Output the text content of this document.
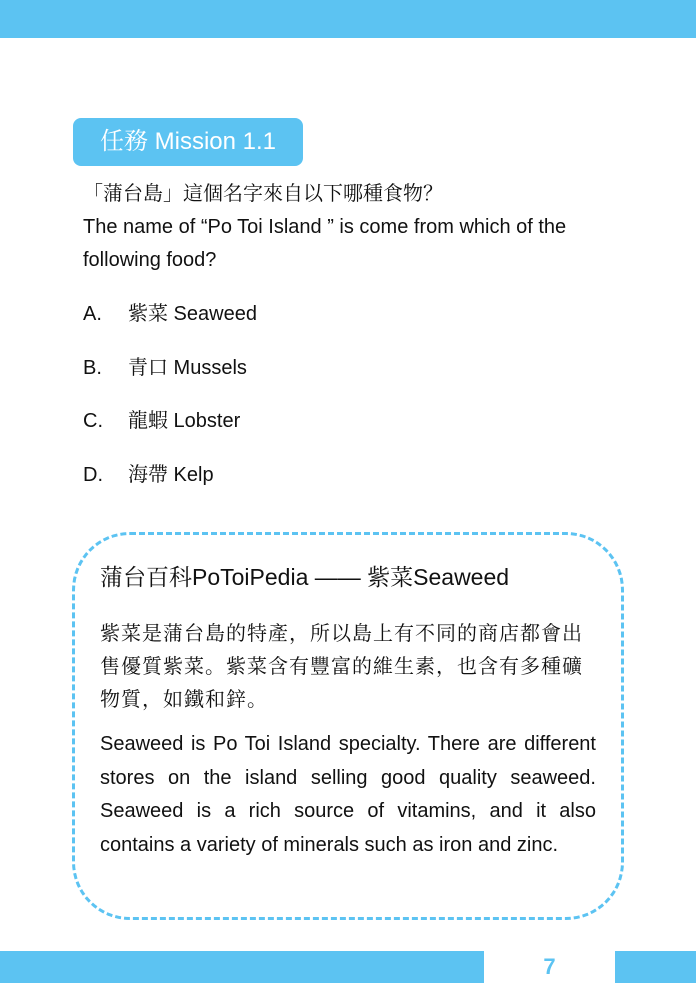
任務 Mission 1.1

「蒲台島」這個名字來自以下哪種食物？

The name of “Po Toi Island ” is come from which of the following food?

A. 紫菜 Seaweed
B. 青口 Mussels
C. 龍蝦 Lobster
D. 海帶 Kelp
蒲台百科PoToiPedia —— 紫菜Seaweed

紫菜是蒲台島的特產，所以島上有不同的商店都會出售優質紫菜。紫菜含有豐富的維生素，也含有多種礦物質，如鐵和鋅。

Seaweed is Po Toi Island specialty. There are different stores on the island selling good quality seaweed. Seaweed is a rich source of vitamins, and it also contains a variety of minerals such as iron and zinc.

7
